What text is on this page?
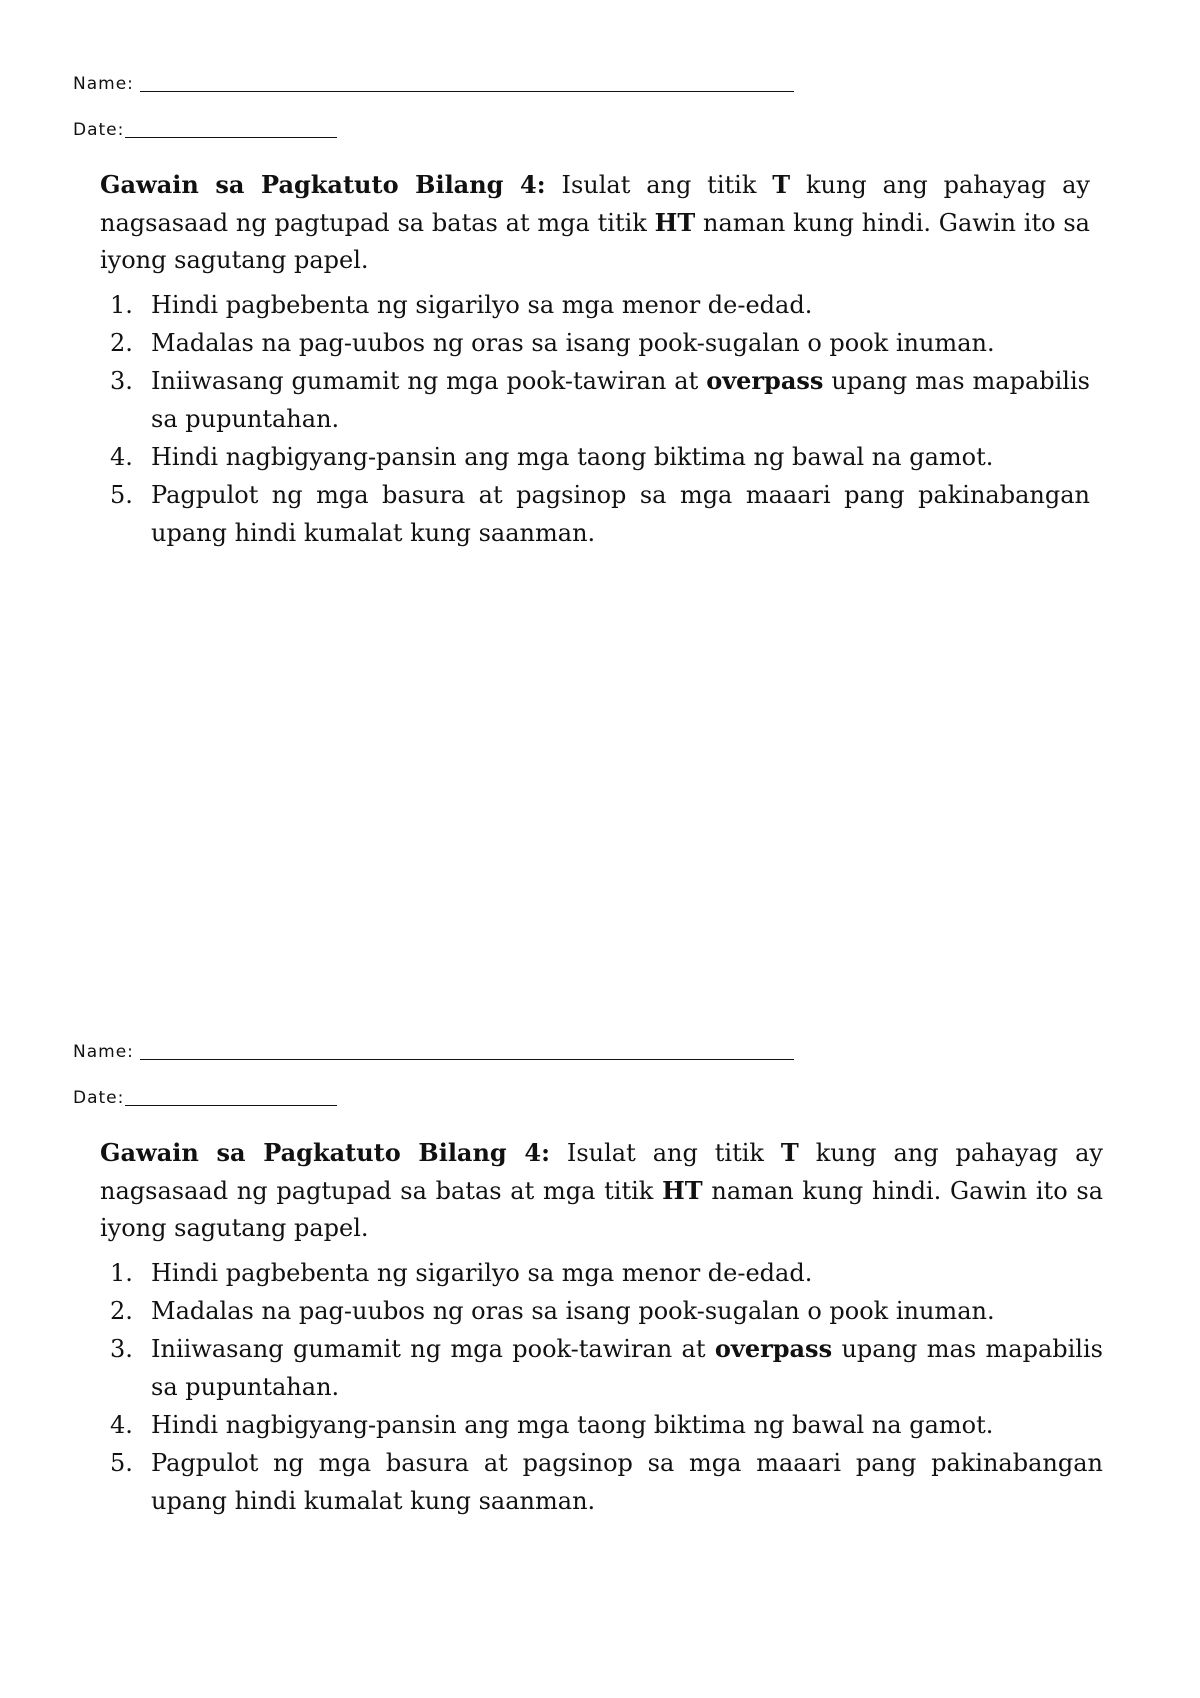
Name:
Date:

Gawain sa Pagkatuto Bilang 4: Isulat ang titik T kung ang pahayag ay nagsasaad ng pagtupad sa batas at mga titik HT naman kung hindi. Gawin ito sa iyong sagutang papel.

1. Hindi pagbebenta ng sigarilyo sa mga menor de-edad.
2. Madalas na pag-uubos ng oras sa isang pook-sugalan o pook inuman.
3. Iniiwasang gumamit ng mga pook-tawiran at overpass upang mas mapabilis sa pupuntahan.
4. Hindi nagbigyang-pansin ang mga taong biktima ng bawal na gamot.
5. Pagpulot ng mga basura at pagsinop sa mga maaari pang pakinabangan upang hindi kumalat kung saanman.
Name:
Date:

Gawain sa Pagkatuto Bilang 4: Isulat ang titik T kung ang pahayag ay nagsasaad ng pagtupad sa batas at mga titik HT naman kung hindi. Gawin ito sa iyong sagutang papel.

1. Hindi pagbebenta ng sigarilyo sa mga menor de-edad.
2. Madalas na pag-uubos ng oras sa isang pook-sugalan o pook inuman.
3. Iniiwasang gumamit ng mga pook-tawiran at overpass upang mas mapabilis sa pupuntahan.
4. Hindi nagbigyang-pansin ang mga taong biktima ng bawal na gamot.
5. Pagpulot ng mga basura at pagsinop sa mga maaari pang pakinabangan upang hindi kumalat kung saanman.
